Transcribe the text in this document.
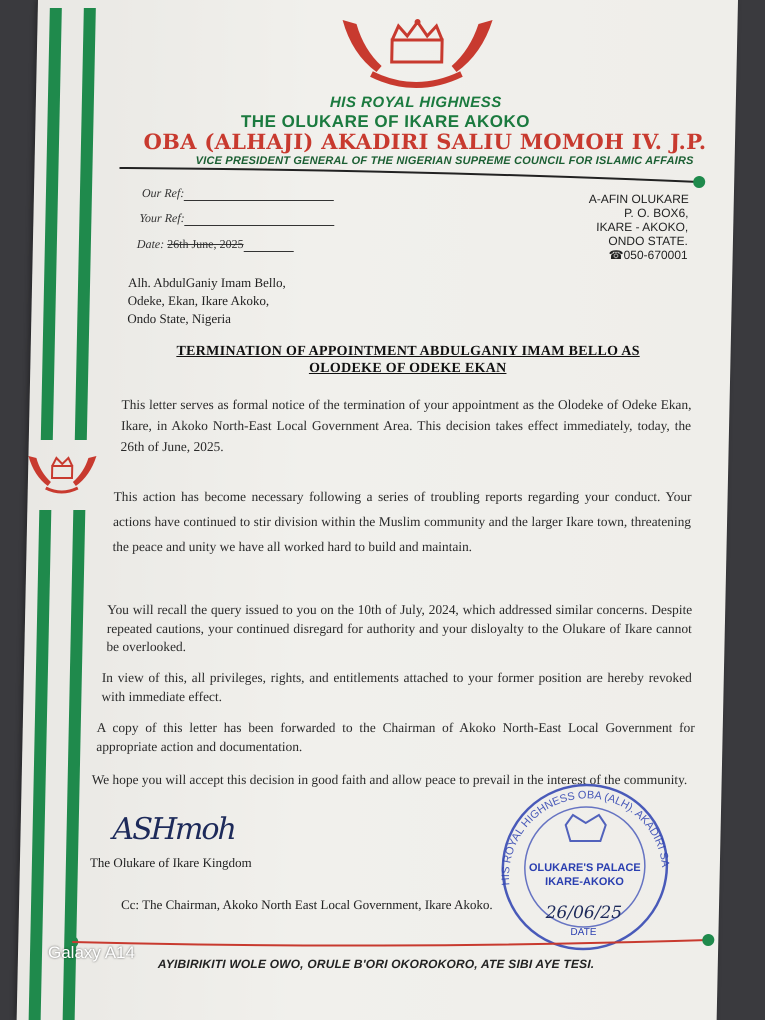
HIS ROYAL HIGHNESS
THE OLUKARE OF IKARE AKOKO
OBA (ALHAJI) AKADIRI SALIU MOMOH IV. J.P.
VICE PRESIDENT GENERAL OF THE NIGERIAN SUPREME COUNCIL FOR ISLAMIC AFFAIRS
Our Ref:
Your Ref:
Date: 26th June, 2025
A-AFIN OLUKARE
P. O. BOX6,
IKARE - AKOKO,
ONDO STATE.
☎050-670001
Alh. AbdulGaniy Imam Bello,
Odeke, Ekan, Ikare Akoko,
Ondo State, Nigeria
TERMINATION OF APPOINTMENT ABDULGANIY IMAM BELLO AS
OLODEKE OF ODEKE EKAN
This letter serves as formal notice of the termination of your appointment as the Olodeke of Odeke Ekan, Ikare, in Akoko North-East Local Government Area. This decision takes effect immediately, today, the 26th of June, 2025.
This action has become necessary following a series of troubling reports regarding your conduct. Your actions have continued to stir division within the Muslim community and the larger Ikare town, threatening the peace and unity we have all worked hard to build and maintain.
You will recall the query issued to you on the 10th of July, 2024, which addressed similar concerns. Despite repeated cautions, your continued disregard for authority and your disloyalty to the Olukare of Ikare cannot be overlooked.
In view of this, all privileges, rights, and entitlements attached to your former position are hereby revoked with immediate effect.
A copy of this letter has been forwarded to the Chairman of Akoko North-East Local Government for appropriate action and documentation.
We hope you will accept this decision in good faith and allow peace to prevail in the interest of the community.
ASHmoh
The Olukare of Ikare Kingdom
Cc: The Chairman, Akoko North East Local Government, Ikare Akoko.
HIS ROYAL HIGHNESS OBA (ALH). AKADIRI SA...
OLUKARE'S PALACE
IKARE-AKOKO
26/06/25
DATE
AYIBIRIKITI WOLE OWO, ORULE B'ORI OKOROKORO, ATE SIBI AYE TESI.
Galaxy A14
